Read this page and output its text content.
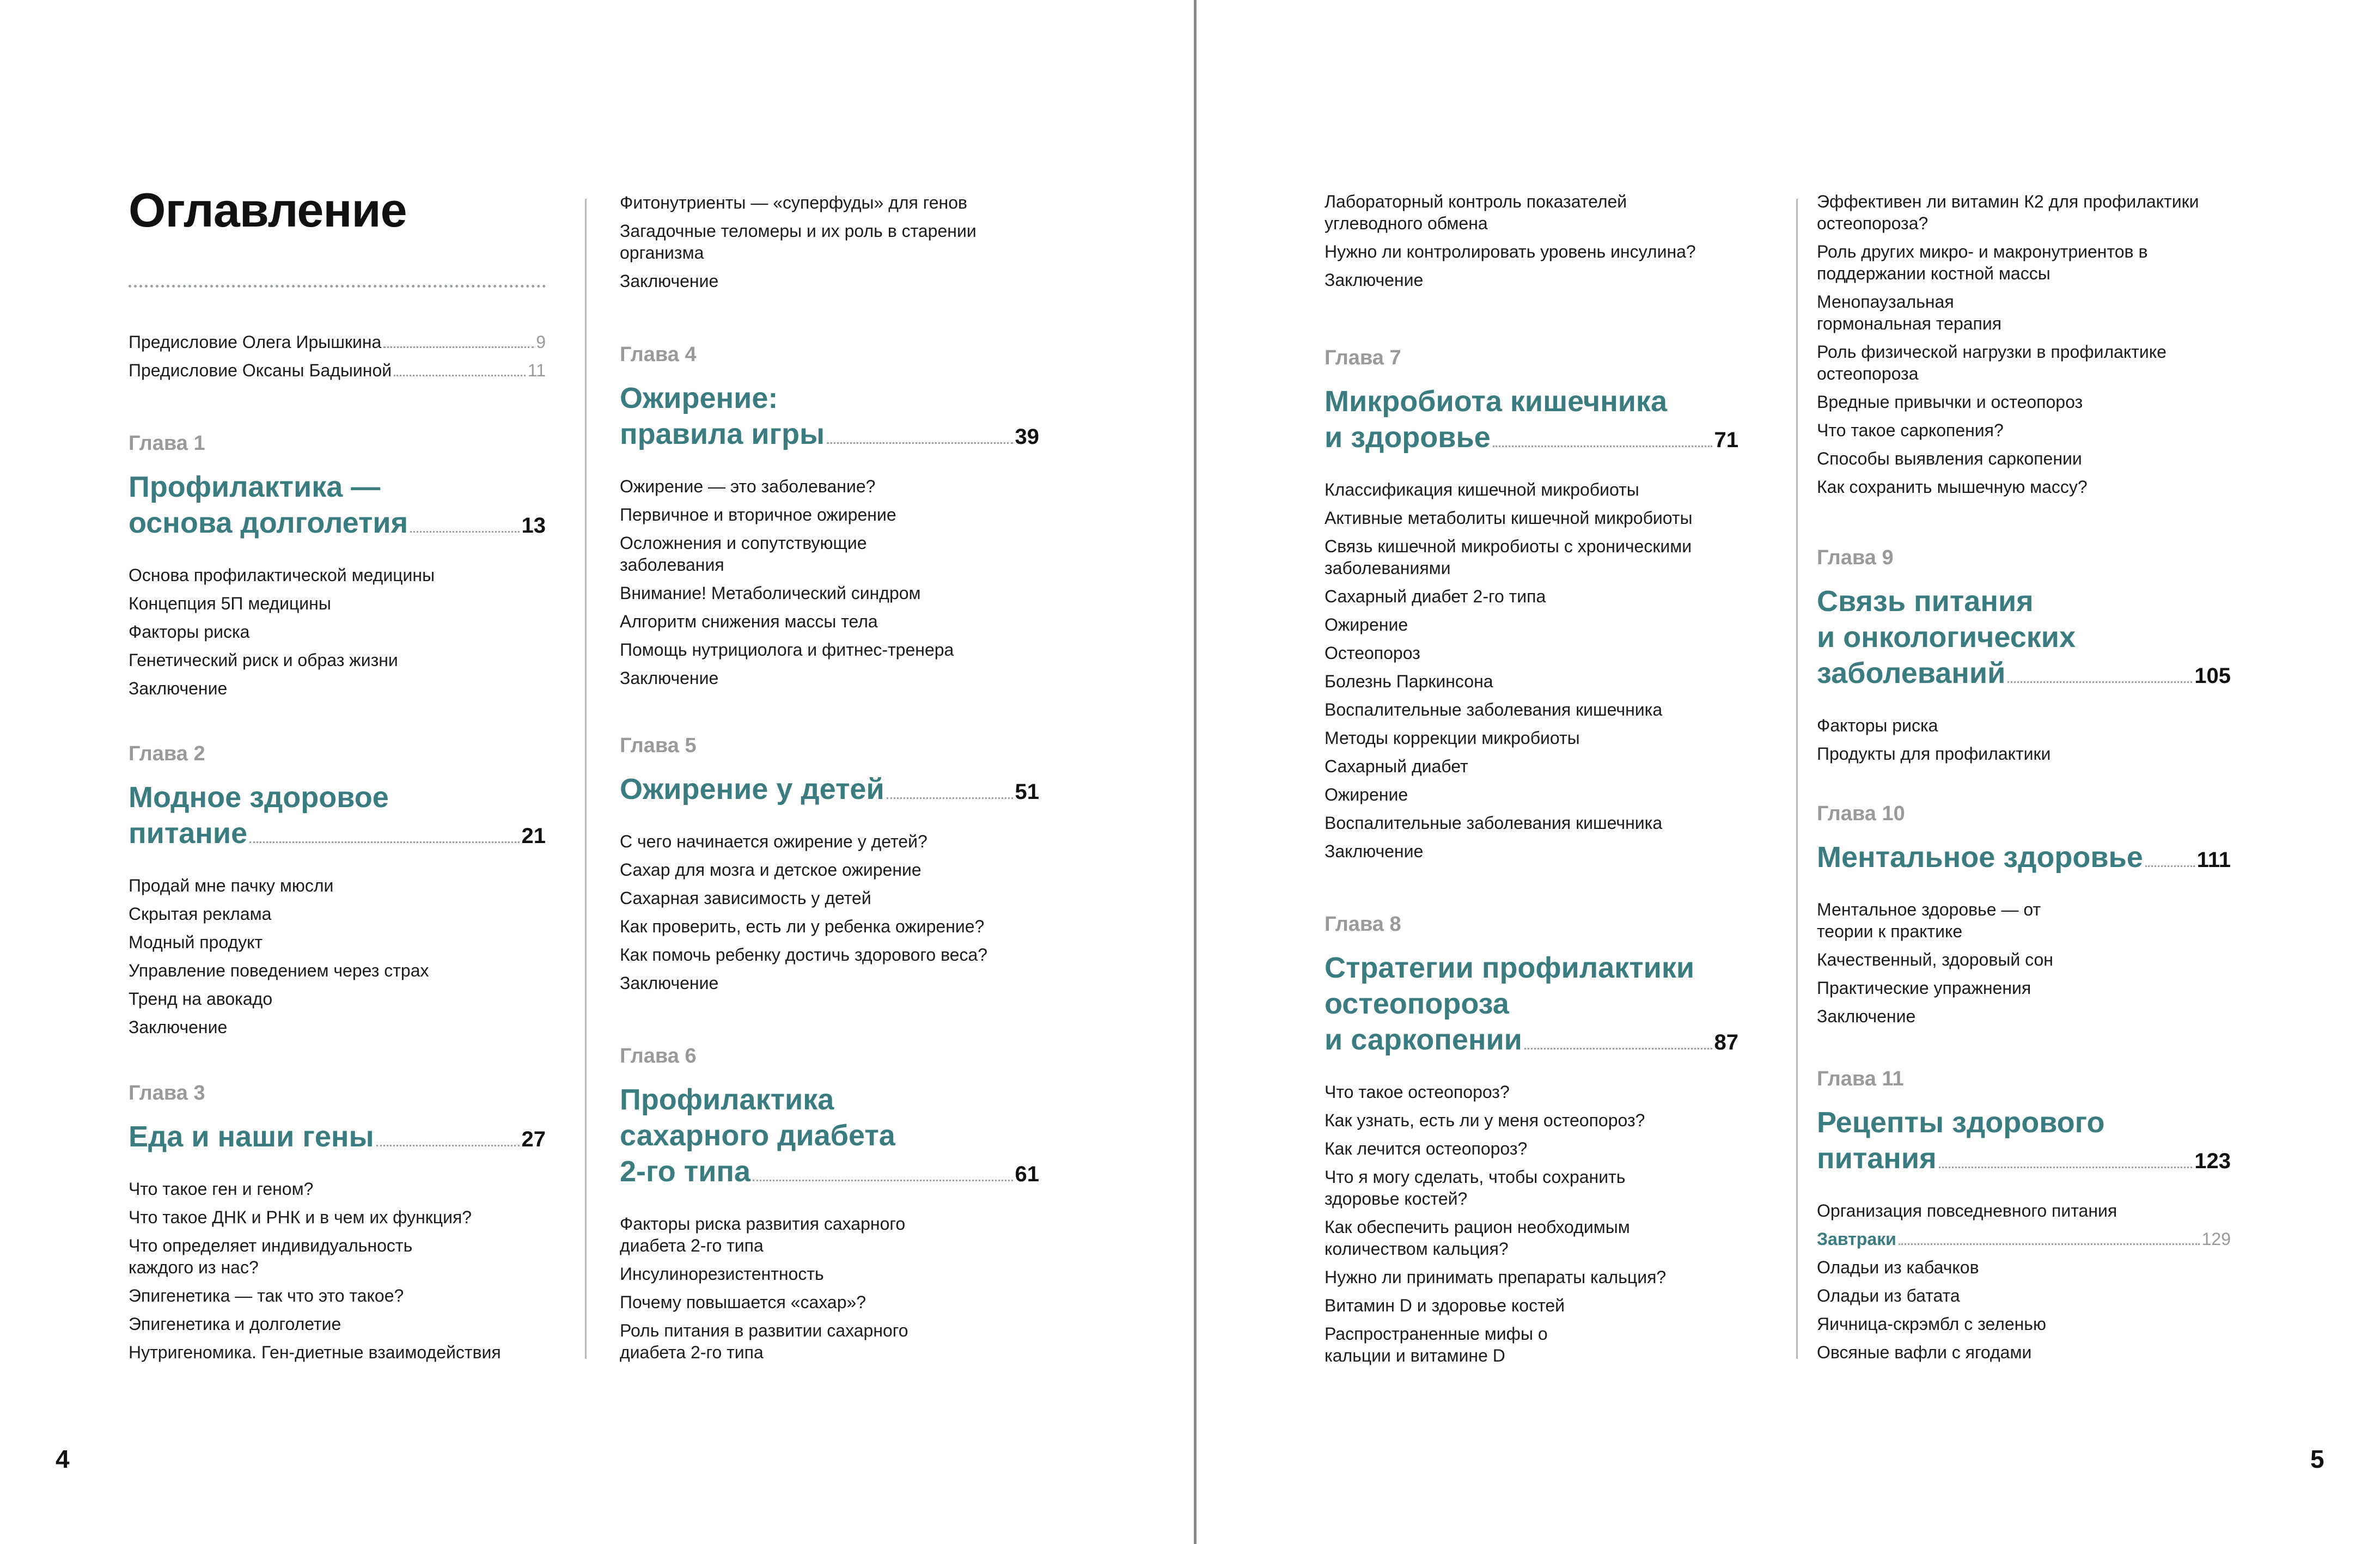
Оглавление
Предисловие Олега Ирышкина	9
Предисловие Оксаны Бадыиной	11
Глава 1
Профилактика —
основа долголетия	13
Основа профилактической медицины
Концепция 5П медицины
Факторы риска
Генетический риск и образ жизни
Заключение
Глава 2
Модное здоровое
питание	21
Продай мне пачку мюсли
Скрытая реклама
Модный продукт
Управление поведением через страх
Тренд на авокадо
Заключение
Глава 3
Еда и наши гены	27
Что такое ген и геном?
Что такое ДНК и РНК и в чем их функция?
Что определяет индивидуальность каждого из нас?
Эпигенетика — так что это такое?
Эпигенетика и долголетие
Нутригеномика. Ген-диетные взаимодействия
Фитонутриенты — «суперфуды» для генов
Загадочные теломеры и их роль в старении организма
Заключение
Глава 4
Ожирение:
правила игры	39
Ожирение — это заболевание?
Первичное и вторичное ожирение
Осложнения и сопутствующие заболевания
Внимание! Метаболический синдром
Алгоритм снижения массы тела
Помощь нутрициолога и фитнес-тренера
Заключение
Глава 5
Ожирение у детей	51
С чего начинается ожирение у детей?
Сахар для мозга и детское ожирение
Сахарная зависимость у детей
Как проверить, есть ли у ребенка ожирение?
Как помочь ребенку достичь здорового веса?
Заключение
Глава 6
Профилактика
сахарного диабета
2-го типа	61
Факторы риска развития сахарного диабета 2-го типа
Инсулинорезистентность
Почему повышается «сахар»?
Роль питания в развитии сахарного диабета 2-го типа
Лабораторный контроль показателей углеводного обмена
Нужно ли контролировать уровень инсулина?
Заключение
Глава 7
Микробиота кишечника
и здоровье	71
Классификация кишечной микробиоты
Активные метаболиты кишечной микробиоты
Связь кишечной микробиоты с хроническими заболеваниями
Сахарный диабет 2-го типа
Ожирение
Остеопороз
Болезнь Паркинсона
Воспалительные заболевания кишечника
Методы коррекции микробиоты
Сахарный диабет
Ожирение
Воспалительные заболевания кишечника
Заключение
Глава 8
Стратегии профилактики
остеопороза
и саркопении	87
Что такое остеопороз?
Как узнать, есть ли у меня остеопороз?
Как лечится остеопороз?
Что я могу сделать, чтобы сохранить здоровье костей?
Как обеспечить рацион необходимым количеством кальция?
Нужно ли принимать препараты кальция?
Витамин D и здоровье костей
Распространенные мифы о кальции и витамине D
Эффективен ли витамин К2 для профилактики остеопороза?
Роль других микро- и макронутриентов в поддержании костной массы
Менопаузальная гормональная терапия
Роль физической нагрузки в профилактике остеопороза
Вредные привычки и остеопороз
Что такое саркопения?
Способы выявления саркопении
Как сохранить мышечную массу?
Глава 9
Связь питания
и онкологических
заболеваний	105
Факторы риска
Продукты для профилактики
Глава 10
Ментальное здоровье 111
Ментальное здоровье — от теории к практике
Качественный, здоровый сон
Практические упражнения
Заключение
Глава 11
Рецепты здорового
питания	123
Организация повседневного питания
Завтраки	129
Оладьи из кабачков
Оладьи из батата
Яичница-скрэмбл с зеленью
Овсяные вафли с ягодами
4	5
